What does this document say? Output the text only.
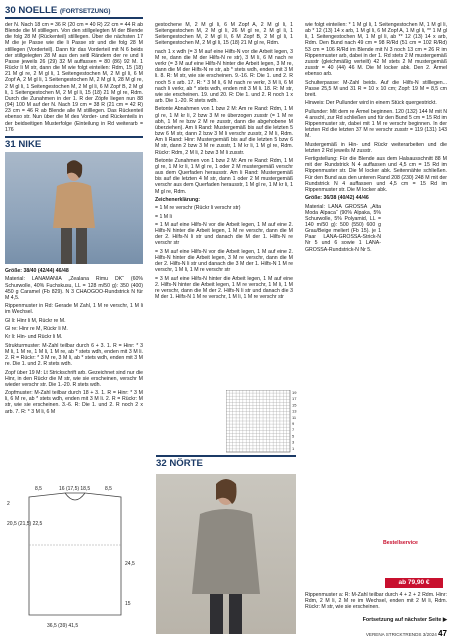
30 NOELLE (FORTSETZUNG)

der N. Nach 18 cm = 36 R (20 cm = 40 R) 22 cm = 44 R ab Blende die M stilllegen. Von den stillgelegten M der Blende die folg 28 M (Rückenteil) stilllegen. Über die nächsten 17 M die je Passe wie die li Passe str und die folg 28 M stilllegen (Vorderteil). Dann für das Vorderteil mit N 6 beids der stillgelegten 28 M aus den seitl Rändern der re und li Passe jeweils 26 (29) 32 M auffassen = 80 (86) 92 M. 1 Rückr li M str, dann die M wie folgt einteilen: Rdm, 15 (18) 21 M gl re, 2 M gl li, 1 Seitengestochen M, 2 M gl li, 6 M Zopf A, 2 M gl li, 1 Seitengestochen M, 2 M gl li, 28 M gl re, 2 M gl li, 1 Seitengestochen M, 2 M gl li, 6 M Zopf B, 2 M gl li, 1 Seitengestochen M, 2 M gl li, 15 (18) 21 M gl re, Rdm. Durch die Zunahmen in der 1. R der Zöpfe liegen nun 88 (94) 100 M auf der N. Nach 19 cm = 38 R (21 cm = 42 R) 23 cm = 46 R ab Blende alle M stilllegen. Das Rückenteil ebenso str. Nun über die M des Vorder- und Rückenteils in der beidseitigen Musterfolge (Einteilung in Rd weiterarb = 176

31 NIKE

Größe: 38/40 (42/44) 46/48

Material: LANAMANIA „Zealana Rimu DK“ (60% Schurwolle, 40% Fuchskusu, LL = 128 m/50 g): 350 (400) 450 g Caramel (Fb 829). N 3 CHAOGOO-Rundstrick N für M 4,5.

Rippenmuster in Rd: Gerade M Zahl, 1 M re verschr, 1 M li im Wechsel.

Gl li: Hinr li M, Rückr re M.

Gl re: Hinr re M, Rückr li M.

Kr li: Hin- und Rückr li M.

Strukturmuster: M-Zahl teilbar durch 6 + 3. 1. R = Hinr: * 3 M li, 1 M re, 1 M li, 1 M re, ab * stets wdh, enden mit 3 M li. 2. R = Rückr: * 3 M re, 3 M li, ab * stets wdh, enden mit 3 M re. Die 1. und 2. R stets wdh.

Zopf über 19 M: Lt Strickschrift arb. Gezeichnet sind nur die Hinr, in den Rückr die M str, wie sie erscheinen, verschr M wieder verschr str. Die 1.-20. R stets wdh.

Zopfmuster: M-Zahl teilbar durch 18 + 3. 1. R = Hinr: * 3 M li, 6 M re, ab * stets wdh, enden mit 3 M li. 2. R = Rückr: M str, wie sie erscheinen. 3.-6. R: Die 1. und 2. R noch 2 x arb. 7. R: * 3 M li, 6 M

8,5	16 (17,5) 18,5	8,5
20,5 (21,5) 22,5
2
24,5
15
36,5 (39) 41,5

gestochene M, 2 M gl li, 6 M Zopf A, 2 M gl li, 1 Seitengestochen M, 2 M gl li, 26 M gl re, 2 M gl li, 1 Seitengestochen M, 2 M gl li, 6 M Zopf B, 2 M gl li, 1 Seitengestochen M, 2 M gl li, 15 (18) 21 M gl re, Rdm.

nach 1 x wdh (= 3 M auf eine Hilfs-N vor die Arbeit legen, 3 M re, dann die M der Hilfs-N re str), 3 M li, 6 M nach re verkr (= 3 M auf eine Hilfs-N hinter die Arbeit legen, 3 M re, dann die M der Hilfs-N re str, ab * stets wdh, enden mit 3 M li. 8. R: M str, wie sie erscheinen. 9.-16. R: Die 1. und 2. R noch 5 x arb. 17. R: * 3 M li, 6 M nach re verkr, 3 M li, 6 M nach li verkr, ab * stets wdh, enden mit 3 M li. 18. R: M str, wie sie erscheinen. 19. und 20. R: Die 1. und 2. R noch 1 x arb. Die 1.-20. R stets wdh.

Betonte Abnahmen von 1 bzw 2 M: Am re Rand: Rdm, 1 M gl re, 1 M kr li, 2 bzw 3 M re überzogen zusstr (= 1 M re abh, 1 M re bzw 2 M re zusstr, dann die abgehobene M überziehen). Am li Rand: Mustergemäß bis auf die letzten 5 bzw 6 M str, dann 2 bzw 3 M li verschr zusstr, 2 M li, Rdm. Am li Rand: Hinr: Mustergemäß bis auf die letzten 5 bzw 6 M str, dann 2 bzw 3 M re zusstr, 1 M kr li, 1 M gl re, Rdm. Rückr: Rdm, 2 M li, 2 bzw 3 M li zusstr.

Betonte Zunahmen von 1 bzw 2 M: Am re Rand: Rdm, 1 M gl re, 1 M kr li, 1 M gl re, 1 oder 2 M mustergemäß verschr aus dem Querfaden herausstr. Am li Rand: Mustergemäß bis auf die letzten 4 M str, dann 1 oder 2 M mustergemäß verschr aus dem Querfaden herausstr, 1 M gl re, 1 M kr li, 1 M gl re, Rdm.

Zeichenerklärung:

= 1 M re verschr (Rückr li verschr str)

= 1 M li

= 1 M auf eine Hilfs-N vor die Arbeit legen, 1 M auf eine 2. Hilfs-N hinter die Arbeit legen, 1 M re verschr, dann die M der 2. Hilfs-N li str und danach die M der 1. Hilfs-N re verschr str

= 3 M auf eine Hilfs-N vor die Arbeit legen, 1 M auf eine 2. Hilfs-N hinter die Arbeit legen, 3 M re verschr, dann die M der 2. Hilfs-N li str und danach die 3 M der 1. Hilfs-N 1 M re verschr, 1 M li, 1 M re verschr str

= 3 M auf eine Hilfs-N hinter die Arbeit legen, 1 M auf eine 2. Hilfs-N hinter die Arbeit legen, 1 M re verschr, 1 M li, 1 M re verschr, dann die M der 2. Hilfs-N li str und danach die 3 M der 1. Hilfs-N 1 M re verschr, 1 M li, 1 M re verschr str

19
17
15
13
11
9
7
5
3
1
32 NÖRTE

wie folgt einteilen: * 1 M gl li, 1 Seitengestochen M, 1 M gl li, ab * 12 (13) 14 x arb, 1 M gl li, 6 M Zopf A, 1 M gl li, ** 1 M gl li, 1 Seitengestochen M, 1 M gl li, ab ** 12 (13) 14 x arb, Rdm. Den Bund nach 49 cm = 98 R/Rd (51 cm = 102 R/Rd) 53 cm = 106 R/Rd im Blende mit N 3 noch 13 cm = 26 R im Rippenmuster arb, dabei in der 1. Rd stets 2 M mustergemäß zusstr (gleichmäßig verteilt) 42 M stets 2 M mustergemäß zusstr = 40 (44) 46 M. Die M locker abk. Den 2. Ärmel ebenso arb.

Schulterpasse: M-Zahl beids. Auf die Hilfs-N stilllegen... Passe 25,5 M und 31 R = 10 x 10 cm; Zopf: 19 M = 8,5 cm breit.

Hinweis: Der Pullunder wird in einem Stück quergestrickt.

Pullunder: Mit dem re Ärmel beginnen. 120 (132) 144 M mit N 4 anschl, zur Rd schließen und für den Bund 5 cm = 15 Rd im Rippenmuster str, dabei mit 1 M re verschr beginnen. In der letzten Rd die letzten 37 M re verschr zusstr = 119 (131) 143 M.

Mustergemäß in Hin- und Rückr weiterarbeiten und die letzten 2 Rd jeweils M zusstr.

Fertigstellung: Für die Blende aus dem Halsausschnitt 88 M mit der Rundstrick N 4 auffassen und 4,5 cm = 15 Rd im Rippenmuster str. Die M locker abk. Seitennähte schließen. Für den Bund aus den unteren Rand 208 (230) 248 M mit der Rundstrick N 4 auffassen und 4,5 cm = 15 Rd im Rippenmuster str. Die M locker abk.

Größe: 36/38 (40/42) 44/46

Material: LANA GROSSA „Alta Moda Alpaca“ (90% Alpaka, 5% Schurwolle, 5% Polyamid, LL = 140 m/50 g): 500 (550) 600 g Grau/Beige meliert (Fb 15). je 1 Paar LANA-GROSSA-Strick-N Nr 5 und 6 sowie 1 LANA-GROSSA-Rundstrick-N Nr 5.

Bestellservice
ab 79,90 €

Rippenmuster a: R: M-Zahl teilbar durch 4 + 2 + 2 Rdm. Hinr: Rdm, 2 M li, 2 M re im Wechsel, enden mit 2 M li, Rdm. Rückr: M str, wie sie erscheinen.

Fortsetzung auf nächster Seite ▶
VERENA STRICKTRENDS 3/2024 47
